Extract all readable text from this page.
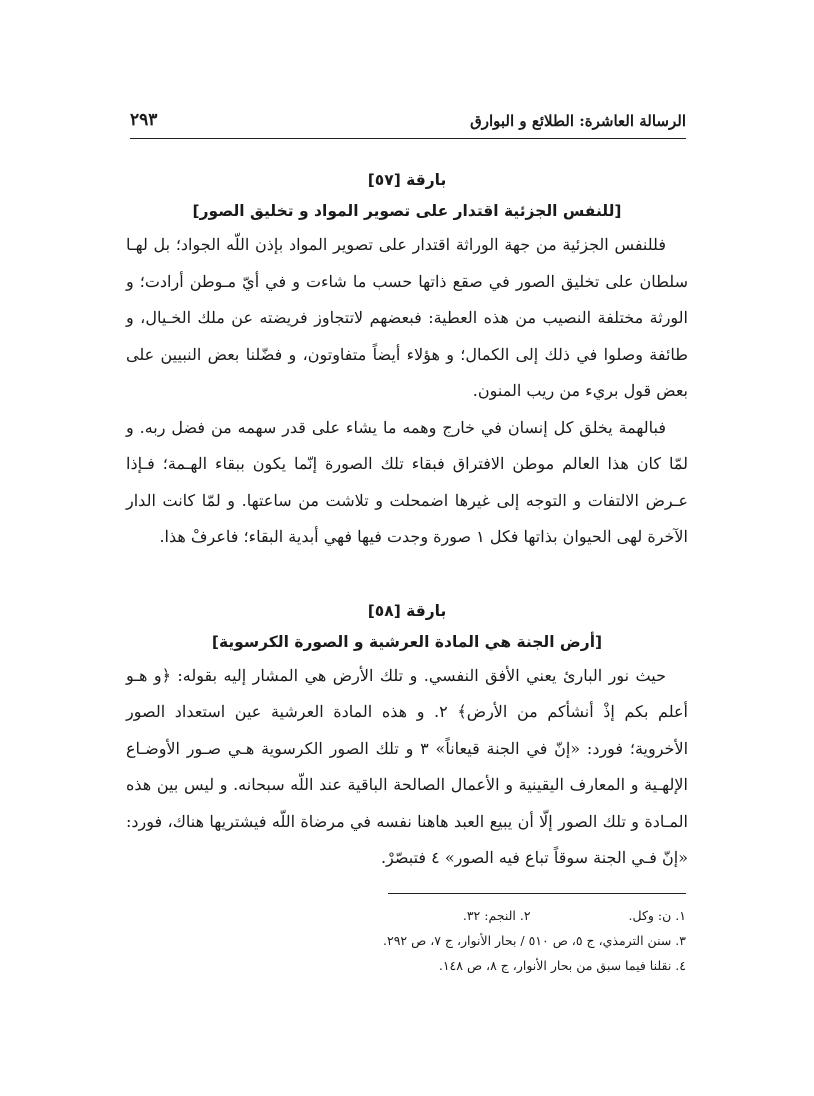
الرسالة العاشرة: الطلائع و البوارق
٢٩٣
بارقة [٥٧]
[للنفس الجزئية اقتدار على تصوير المواد و تخليق الصور]

فللنفس الجزئية من جهة الوراثة اقتدار على تصوير المواد بإذن اللّه الجواد؛ بل لهـا سلطان على تخليق الصور في صقع ذاتها حسب ما شاءت و في أيّ مـوطن أرادت؛ و الورثة مختلفة النصيب من هذه العطية: فبعضهم لاتتجاوز فريضته عن ملك الخـيال، و طائفة وصلوا في ذلك إلى الكمال؛ و هؤلاء أيضاً متفاوتون، و فضّلنا بعض النبيين على بعض قول بريء من ريب المنون.

فبالهمة يخلق كل إنسان في خارج وهمه ما يشاء على قدر سهمه من فضل ربه. و لمّا كان هذا العالم موطن الافتراق فبقاء تلك الصورة إنّما يكون ببقاء الهـمة؛ فـإذا عـرض الالتفات و التوجه إلى غيرها اضمحلت و تلاشت من ساعتها. و لمّا كانت الدار الآخرة لهى الحيوان بذاتها فكل ١ صورة وجدت فيها فهي أبدية البقاء؛ فاعرفْ هذا.

بارقة [٥٨]
[أرض الجنة هي المادة العرشية و الصورة الكرسوية]

حيث نور البارئ يعني الأفق النفسي. و تلك الأرض هي المشار إليه بقوله: ﴿و هـو أعلم بكم إذْ أنشأكم من الأرض﴾ ٢. و هذه المادة العرشية عين استعداد الصور الأخروية؛ فورد: «إنّ في الجنة قيعاناً» ٣ و تلك الصور الكرسوية هـي صـور الأوضـاع الإلهـية و المعارف اليقينية و الأعمال الصالحة الباقية عند اللّه سبحانه. و ليس بين هذه المـادة و تلك الصور إلّا أن يبيع العبد هاهنا نفسه في مرضاة اللّه فيشتريها هناك، فورد: «إنّ فـي الجنة سوقاً تباع فيه الصور» ٤ فتبصّرْ.

١. ن: وكل.  ٢. النجم: ٣٢.

٣. سنن الترمذي، ج ٥، ص ٥١٠ / بحار الأنوار، ج ٧، ص ٢٩٢.

٤. نقلنا فيما سبق من بحار الأنوار، ج ٨، ص ١٤٨.
